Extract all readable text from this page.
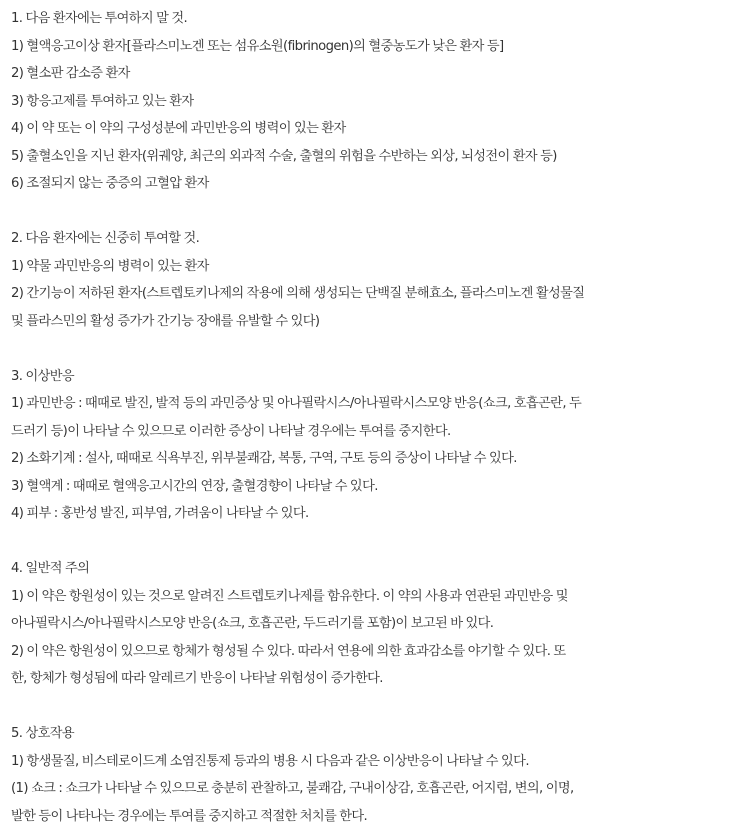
1. 다음 환자에는 투여하지 말 것.
1) 혈액응고이상 환자[플라스미노겐 또는 섬유소원(fibrinogen)의 혈중농도가 낮은 환자 등]
2) 혈소판 감소증 환자
3) 항응고제를 투여하고 있는 환자
4) 이 약 또는 이 약의 구성성분에 과민반응의 병력이 있는 환자
5) 출혈소인을 지닌 환자(위궤양, 최근의 외과적 수술, 출혈의 위험을 수반하는 외상, 뇌성전이 환자 등)
6) 조절되지 않는 중증의 고혈압 환자
2. 다음 환자에는 신중히 투여할 것.
1) 약물 과민반응의 병력이 있는 환자
2) 간기능이 저하된 환자(스트렙토키나제의 작용에 의해 생성되는 단백질 분해효소, 플라스미노겐 활성물질
및 플라스민의 활성 증가가 간기능 장애를 유발할 수 있다)
3. 이상반응
1) 과민반응 : 때때로 발진, 발적 등의 과민증상 및 아나필락시스/아나필락시스모양 반응(쇼크, 호흡곤란, 두
드러기 등)이 나타날 수 있으므로 이러한 증상이 나타날 경우에는 투여를 중지한다.
2) 소화기계 : 설사, 때때로 식욕부진, 위부불쾌감, 복통, 구역, 구토 등의 증상이 나타날 수 있다.
3) 혈액계 : 때때로 혈액응고시간의 연장, 출혈경향이 나타날 수 있다.
4) 피부 : 홍반성 발진, 피부염, 가려움이 나타날 수 있다.
4. 일반적 주의
1) 이 약은 항원성이 있는 것으로 알려진 스트렙토키나제를 함유한다. 이 약의 사용과 연관된 과민반응 및
아나필락시스/아나필락시스모양 반응(쇼크, 호흡곤란, 두드러기를 포함)이 보고된 바 있다.
2) 이 약은 항원성이 있으므로 항체가 형성될 수 있다. 따라서 연용에 의한 효과감소를 야기할 수 있다. 또
한, 항체가 형성됨에 따라 알레르기 반응이 나타날 위험성이 증가한다.
5. 상호작용
1) 항생물질, 비스테로이드계 소염진통제 등과의 병용 시 다음과 같은 이상반응이 나타날 수 있다.
(1) 쇼크 : 쇼크가 나타날 수 있으므로 충분히 관찰하고, 불쾌감, 구내이상감, 호흡곤란, 어지럼, 변의, 이명,
발한 등이 나타나는 경우에는 투여를 중지하고 적절한 처치를 한다.
